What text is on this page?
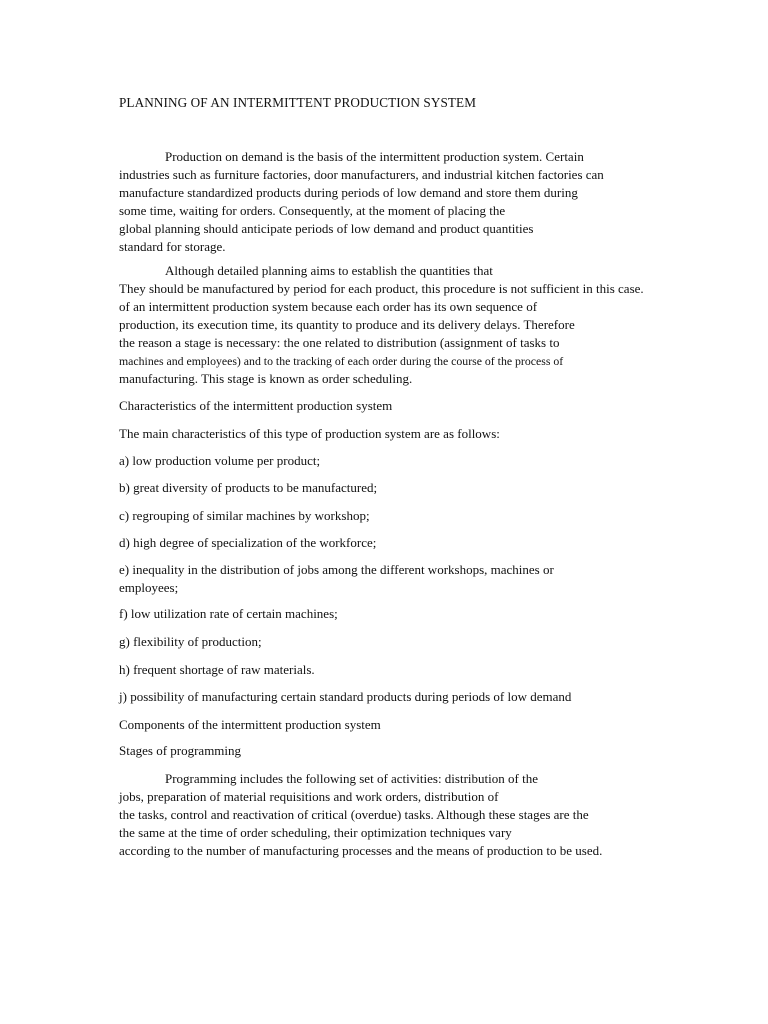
PLANNING OF AN INTERMITTENT PRODUCTION SYSTEM
Production on demand is the basis of the intermittent production system. Certain
industries such as furniture factories, door manufacturers, and industrial kitchen factories can
manufacture standardized products during periods of low demand and store them during
some time, waiting for orders. Consequently, at the moment of placing the
global planning should anticipate periods of low demand and product quantities
standard for storage.
Although detailed planning aims to establish the quantities that
They should be manufactured by period for each product, this procedure is not sufficient in this case.
of an intermittent production system because each order has its own sequence of
production, its execution time, its quantity to produce and its delivery delays. Therefore
the reason a stage is necessary: the one related to distribution (assignment of tasks to
machines and employees) and to the tracking of each order during the course of the process of
manufacturing. This stage is known as order scheduling.
Characteristics of the intermittent production system
The main characteristics of this type of production system are as follows:
a) low production volume per product;
b) great diversity of products to be manufactured;
c) regrouping of similar machines by workshop;
d) high degree of specialization of the workforce;
e) inequality in the distribution of jobs among the different workshops, machines or
employees;
f) low utilization rate of certain machines;
g) flexibility of production;
h) frequent shortage of raw materials.
j) possibility of manufacturing certain standard products during periods of low demand
Components of the intermittent production system
Stages of programming
Programming includes the following set of activities: distribution of the
jobs, preparation of material requisitions and work orders, distribution of
the tasks, control and reactivation of critical (overdue) tasks. Although these stages are the
the same at the time of order scheduling, their optimization techniques vary
according to the number of manufacturing processes and the means of production to be used.
